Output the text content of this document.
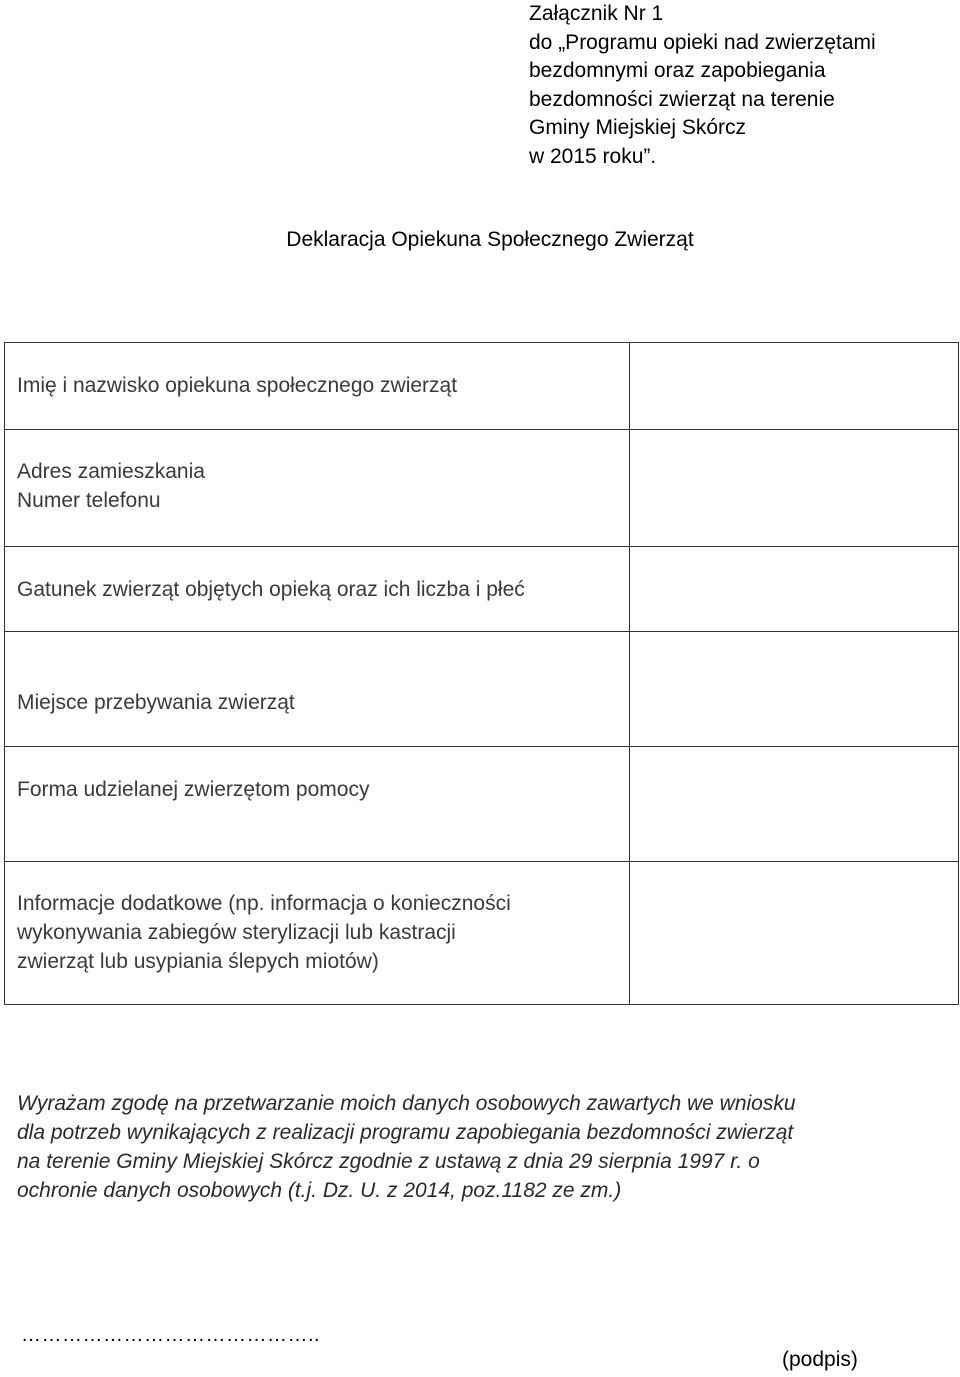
Załącznik Nr 1
do „Programu opieki nad zwierzętami
bezdomnymi oraz zapobiegania
bezdomności zwierząt na terenie
Gminy Miejskiej Skórcz
w 2015 roku”.
Deklaracja Opiekuna Społecznego Zwierząt
Imię i nazwisko opiekuna społecznego zwierząt	

Adres zamieszkania
Numer telefonu	

Gatunek zwierząt objętych opieką oraz ich liczba i płeć	

Miejsce przebywania zwierząt	

Forma udzielanej zwierzętom pomocy	

Informacje dodatkowe (np. informacja o konieczności
wykonywania zabiegów sterylizacji lub kastracji
zwierząt lub usypiania ślepych miotów)	

Wyrażam zgodę na przetwarzanie moich danych osobowych zawartych we wniosku
dla potrzeb wynikających z realizacji programu zapobiegania bezdomności zwierząt
na terenie Gminy Miejskiej Skórcz zgodnie z ustawą z dnia 29 sierpnia 1997 r. o
ochronie danych osobowych (t.j. Dz. U. z 2014, poz.1182 ze zm.)
……………………………………..
(podpis)
